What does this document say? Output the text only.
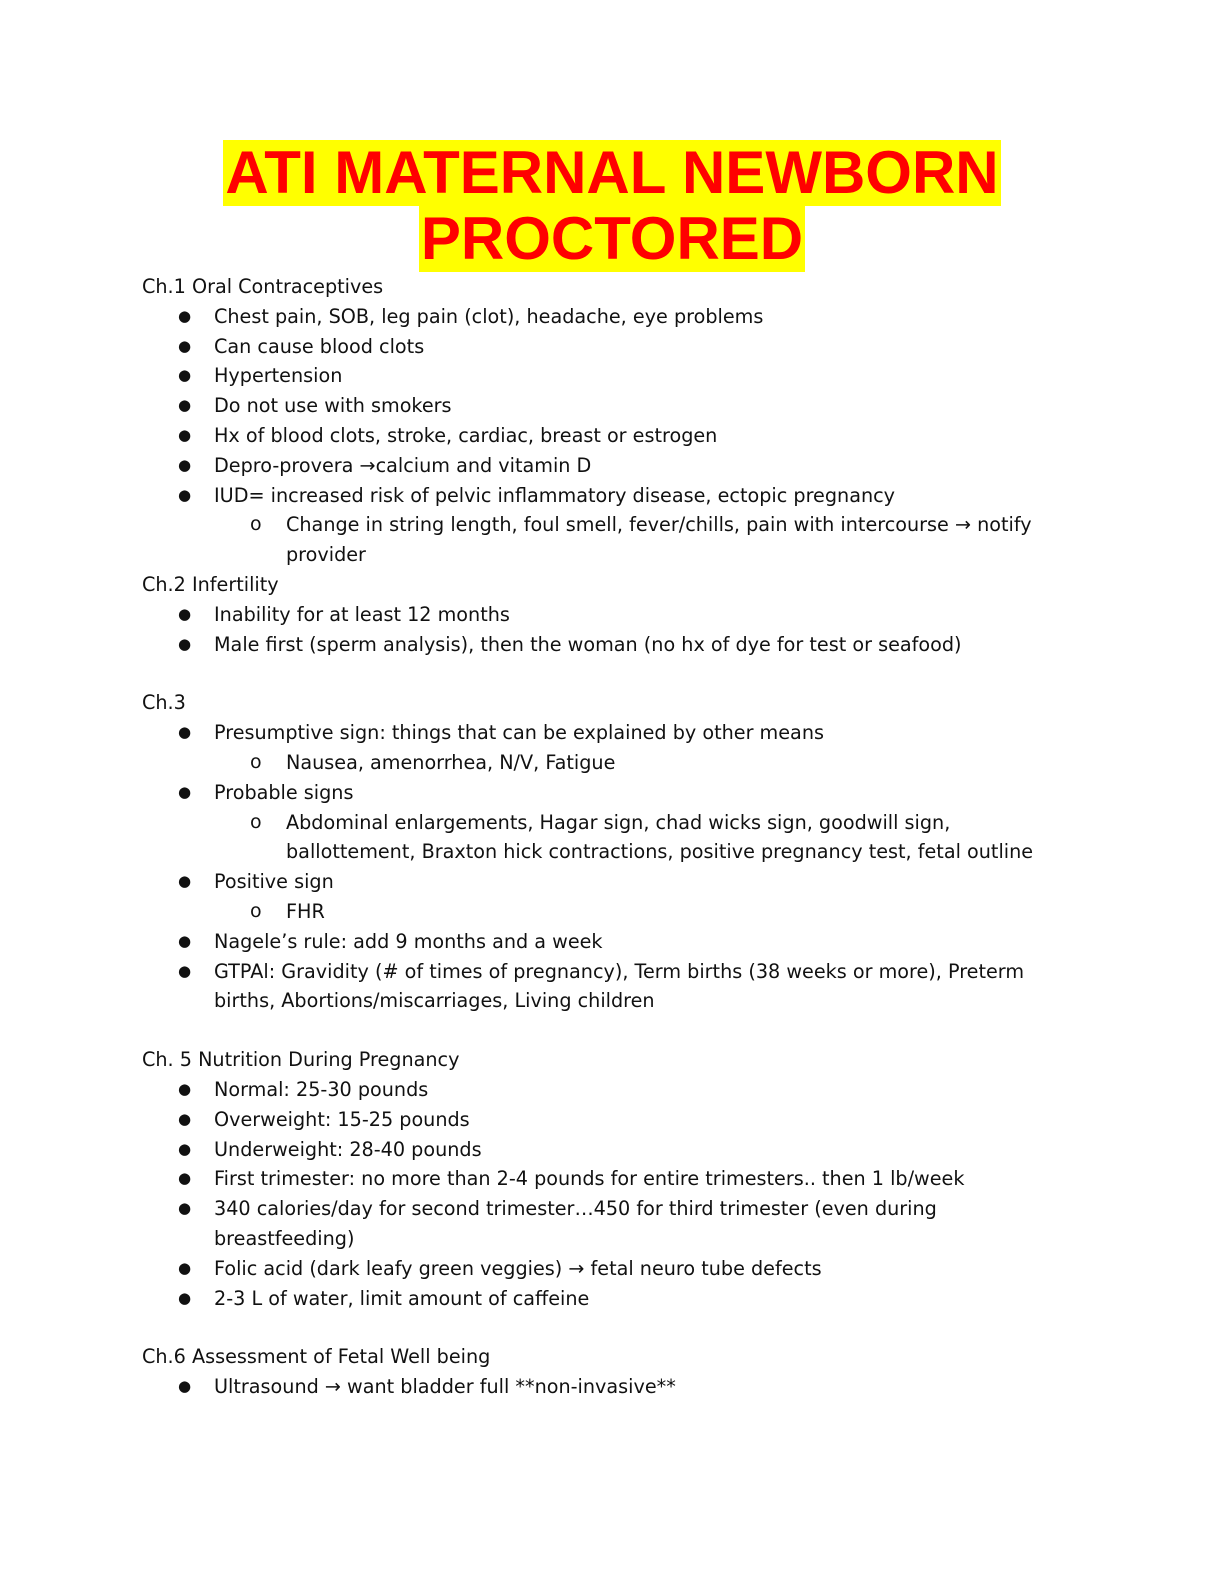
ATI MATERNAL NEWBORN
PROCTORED
Ch.1 Oral Contraceptives
● Chest pain, SOB, leg pain (clot), headache, eye problems
● Can cause blood clots
● Hypertension
● Do not use with smokers
● Hx of blood clots, stroke, cardiac, breast or estrogen
● Depro-provera →calcium and vitamin D
● IUD= increased risk of pelvic inflammatory disease, ectopic pregnancy
o Change in string length, foul smell, fever/chills, pain with intercourse → notify provider
Ch.2 Infertility
● Inability for at least 12 months
● Male first (sperm analysis), then the woman (no hx of dye for test or seafood)
Ch.3
● Presumptive sign: things that can be explained by other means
o Nausea, amenorrhea, N/V, Fatigue
● Probable signs
o Abdominal enlargements, Hagar sign, chad wicks sign, goodwill sign, ballottement, Braxton hick contractions, positive pregnancy test, fetal outline
● Positive sign
o FHR
● Nagele’s rule: add 9 months and a week
● GTPAl: Gravidity (# of times of pregnancy), Term births (38 weeks or more), Preterm births, Abortions/miscarriages, Living children
Ch. 5 Nutrition During Pregnancy
● Normal: 25-30 pounds
● Overweight: 15-25 pounds
● Underweight: 28-40 pounds
● First trimester: no more than 2-4 pounds for entire trimesters.. then 1 lb/week
● 340 calories/day for second trimester…450 for third trimester (even during breastfeeding)
● Folic acid (dark leafy green veggies) → fetal neuro tube defects
● 2-3 L of water, limit amount of caffeine
Ch.6 Assessment of Fetal Well being
● Ultrasound → want bladder full **non-invasive**
